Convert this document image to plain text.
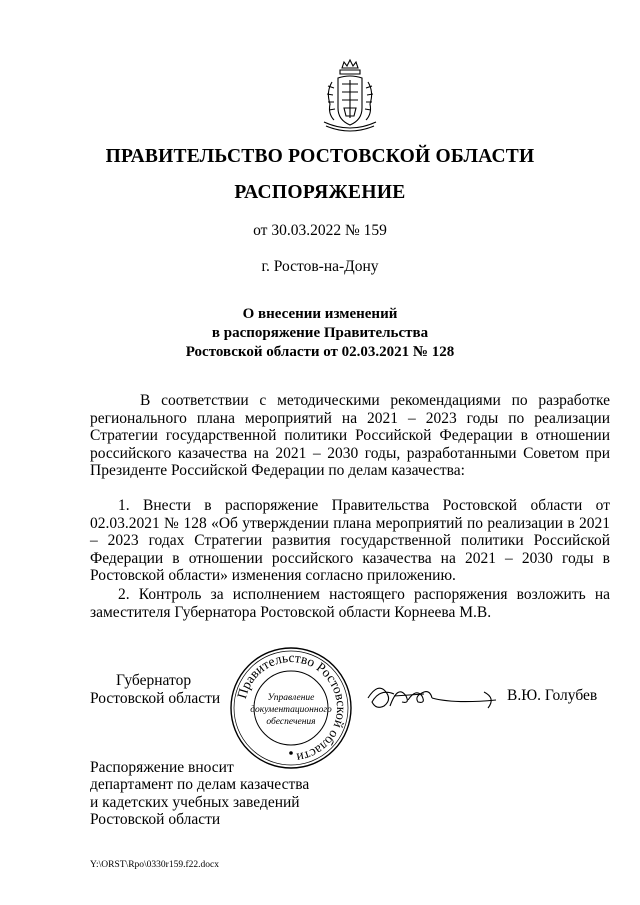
ПРАВИТЕЛЬСТВО РОСТОВСКОЙ ОБЛАСТИ
РАСПОРЯЖЕНИЕ
от 30.03.2022 № 159
г. Ростов-на-Дону
О внесении изменений
в распоряжение Правительства
Ростовской области от 02.03.2021 № 128
В соответствии с методическими рекомендациями по разработке регионального плана мероприятий на 2021 – 2023 годы по реализации Стратегии государственной политики Российской Федерации в отношении российского казачества на 2021 – 2030 годы, разработанными Советом при Президенте Российской Федерации по делам казачества:
1. Внести в распоряжение Правительства Ростовской области от 02.03.2021 № 128 «Об утверждении плана мероприятий по реализации в 2021 – 2023 годах Стратегии развития государственной политики Российской Федерации в отношении российского казачества на 2021 – 2030 годы в Ростовской области» изменения согласно приложению.
2. Контроль за исполнением настоящего распоряжения возложить на заместителя Губернатора Ростовской области Корнеева М.В.
Губернатор
Ростовской области Правительство Ростовской области
Управление
документационного
обеспечения
В.Ю. Голубев
Распоряжение вносит
департамент по делам казачества
и кадетских учебных заведений
Ростовской области
Y:\ORST\Rpo\0330r159.f22.docx
